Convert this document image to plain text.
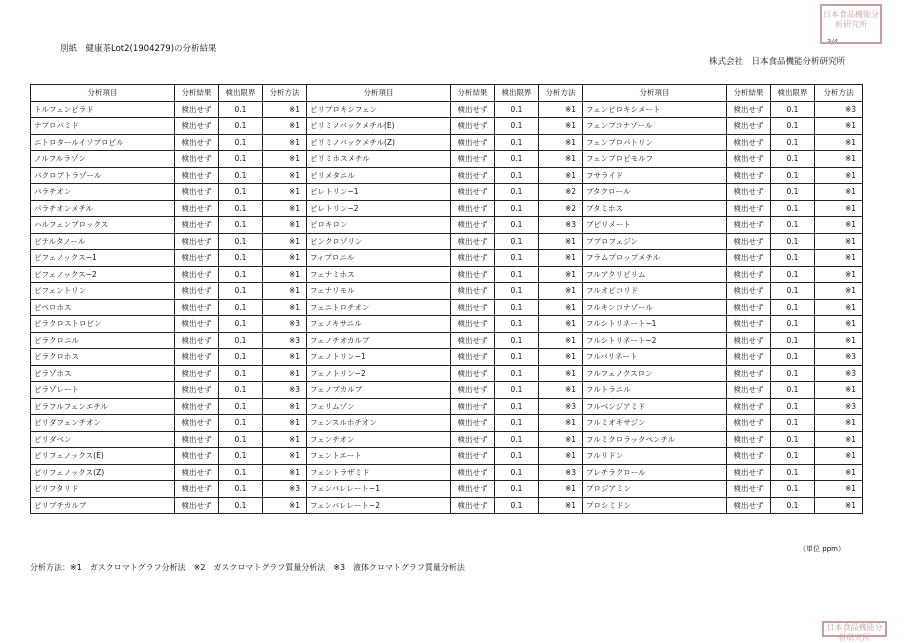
別紙　健康茶Lot2(1904279)の分析結果
3/4
株式会社　日本食品機能分析研究所
日本食品機能分析研究所
分析項目	分析結果	検出限界	分析方法	分析項目	分析結果	検出限界	分析方法	分析項目	分析結果	検出限界	分析方法
トルフェンピラド	検出せず	0.1	※1	ピリプロキシフェン	検出せず	0.1	※1	フェンピロキシメート	検出せず	0.1	※3
ナプロパミド	検出せず	0.1	※1	ピリミノバックメチル(E)	検出せず	0.1	※1	フェンブコナゾール	検出せず	0.1	※1
ニトロタールイソプロピル	検出せず	0.1	※1	ピリミノバックメチル(Z)	検出せず	0.1	※1	フェンプロパトリン	検出せず	0.1	※1
ノルフルラゾン	検出せず	0.1	※1	ピリミホスメチル	検出せず	0.1	※1	フェンプロピモルフ	検出せず	0.1	※1
パクロブトラゾール	検出せず	0.1	※1	ピリメタニル	検出せず	0.1	※1	フサライド	検出せず	0.1	※1
パラチオン	検出せず	0.1	※1	ピレトリン−1	検出せず	0.1	※2	ブタクロール	検出せず	0.1	※1
パラチオンメチル	検出せず	0.1	※1	ピレトリン−2	検出せず	0.1	※2	ブタミホス	検出せず	0.1	※1
ハルフェンプロックス	検出せず	0.1	※1	ピロキロン	検出せず	0.1	※3	ブピリメート	検出せず	0.1	※1
ビテルタノール	検出せず	0.1	※1	ピンクロゾリン	検出せず	0.1	※1	ブプロフェジン	検出せず	0.1	※1
ビフェノックス−1	検出せず	0.1	※1	フィプロニル	検出せず	0.1	※1	フラムプロップメチル	検出せず	0.1	※1
ビフェノックス−2	検出せず	0.1	※1	フェナミホス	検出せず	0.1	※1	フルアクリピリム	検出せず	0.1	※1
ビフェントリン	検出せず	0.1	※1	フェナリモル	検出せず	0.1	※1	フルオピコリド	検出せず	0.1	※1
ピペロホス	検出せず	0.1	※1	フェニトロチオン	検出せず	0.1	※1	フルキンコナゾール	検出せず	0.1	※1
ピラクロストロビン	検出せず	0.1	※3	フェノキサニル	検出せず	0.1	※1	フルシトリネート−1	検出せず	0.1	※1
ピラクロニル	検出せず	0.1	※3	フェノチオカルブ	検出せず	0.1	※1	フルシトリネート−2	検出せず	0.1	※1
ピラクロホス	検出せず	0.1	※1	フェノトリン−1	検出せず	0.1	※1	フルバリネート	検出せず	0.1	※3
ピラゾホス	検出せず	0.1	※1	フェノトリン−2	検出せず	0.1	※1	フルフェノクスロン	検出せず	0.1	※3
ピラゾレート	検出せず	0.1	※3	フェノブカルブ	検出せず	0.1	※1	フルトラニル	検出せず	0.1	※1
ピラフルフェンエチル	検出せず	0.1	※1	フェリムゾン	検出せず	0.1	※3	フルベンジアミド	検出せず	0.1	※3
ピリダフェンチオン	検出せず	0.1	※1	フェンスルホチオン	検出せず	0.1	※1	フルミオキサジン	検出せず	0.1	※1
ピリダベン	検出せず	0.1	※1	フェンチオン	検出せず	0.1	※1	フルミクロラックペンチル	検出せず	0.1	※1
ピリフェノックス(E)	検出せず	0.1	※1	フェントエート	検出せず	0.1	※1	フルリドン	検出せず	0.1	※1
ピリフェノックス(Z)	検出せず	0.1	※1	フェントラザミド	検出せず	0.1	※3	プレチラクロール	検出せず	0.1	※1
ピリフタリド	検出せず	0.1	※3	フェンバレレート−1	検出せず	0.1	※1	プロジアミン	検出せず	0.1	※1
ピリブチカルブ	検出せず	0.1	※1	フェンバレレート−2	検出せず	0.1	※1	プロシミドン	検出せず	0.1	※1
（単位 ppm）
分析方法：※1　ガスクロマトグラフ分析法　※2　ガスクロマトグラフ質量分析法　※3　液体クロマトグラフ質量分析法
日本食品機能分析研究所
